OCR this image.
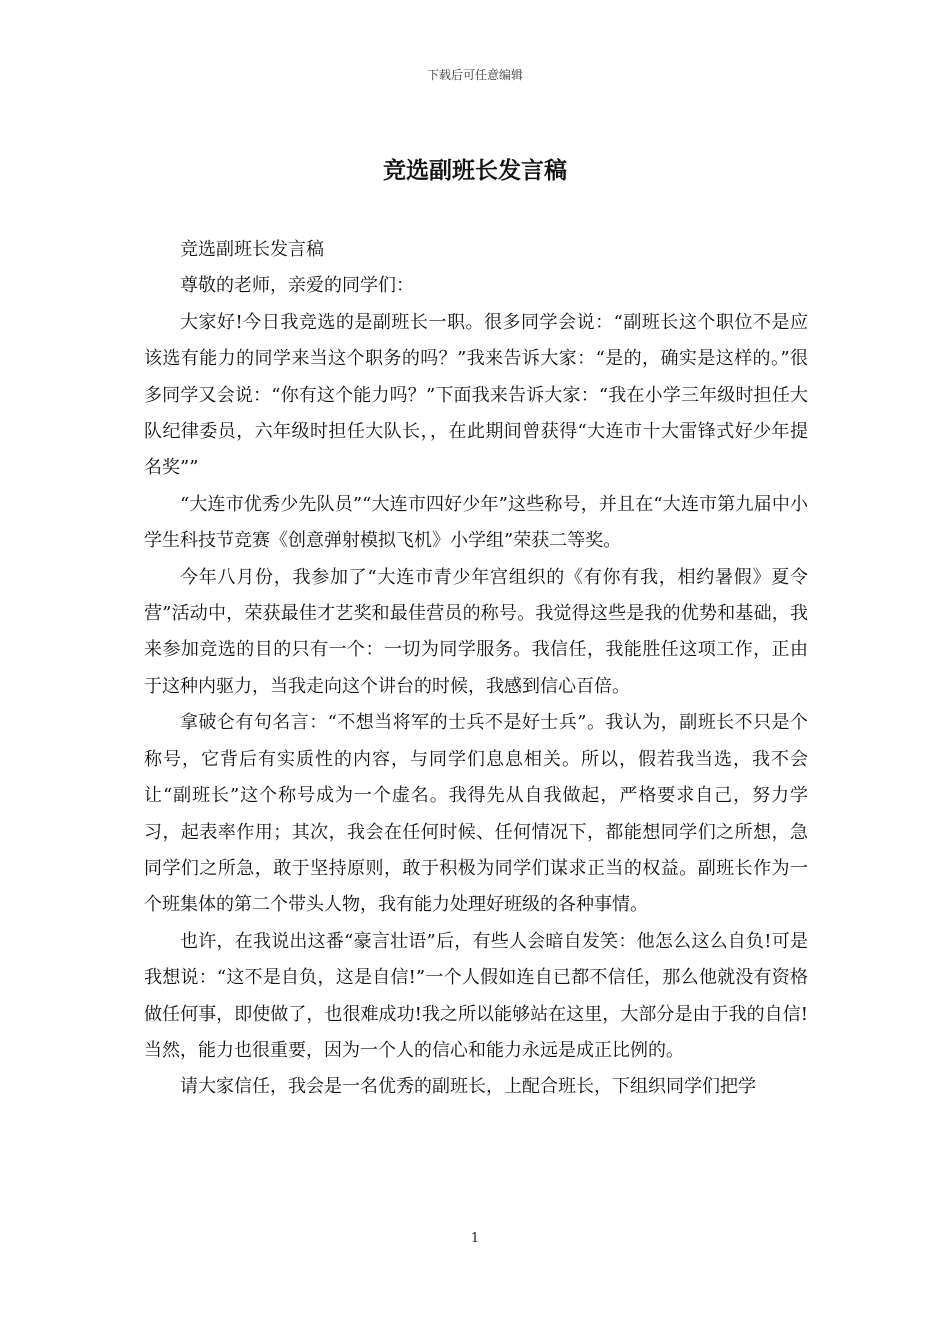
下载后可任意编辑
竞选副班长发言稿

竞选副班长发言稿

尊敬的老师，亲爱的同学们：

大家好!今日我竞选的是副班长一职。很多同学会说：“副班长这个职位不是应该选有能力的同学来当这个职务的吗？”我来告诉大家：“是的，确实是这样的。”很多同学又会说：“你有这个能力吗？”下面我来告诉大家：“我在小学三年级时担任大队纪律委员，六年级时担任大队长，，在此期间曾获得“大连市十大雷锋式好少年提名奖””

“大连市优秀少先队员”“大连市四好少年”这些称号，并且在“大连市第九届中小学生科技节竞赛《创意弹射模拟飞机》小学组”荣获二等奖。

今年八月份，我参加了“大连市青少年宫组织的《有你有我，相约暑假》夏令营”活动中，荣获最佳才艺奖和最佳营员的称号。我觉得这些是我的优势和基础，我来参加竞选的目的只有一个：一切为同学服务。我信任，我能胜任这项工作，正由于这种内驱力，当我走向这个讲台的时候，我感到信心百倍。

拿破仑有句名言：“不想当将军的士兵不是好士兵”。我认为，副班长不只是个称号，它背后有实质性的内容，与同学们息息相关。所以，假若我当选，我不会让“副班长”这个称号成为一个虚名。我得先从自我做起，严格要求自己，努力学习，起表率作用；其次，我会在任何时候、任何情况下，都能想同学们之所想，急同学们之所急，敢于坚持原则，敢于积极为同学们谋求正当的权益。副班长作为一个班集体的第二个带头人物，我有能力处理好班级的各种事情。

也许，在我说出这番“豪言壮语”后，有些人会暗自发笑：他怎么这么自负!可是我想说：“这不是自负，这是自信!”一个人假如连自已都不信任，那么他就没有资格做任何事，即使做了，也很难成功!我之所以能够站在这里，大部分是由于我的自信!当然，能力也很重要，因为一个人的信心和能力永远是成正比例的。

请大家信任，我会是一名优秀的副班长，上配合班长，下组织同学们把学

1
